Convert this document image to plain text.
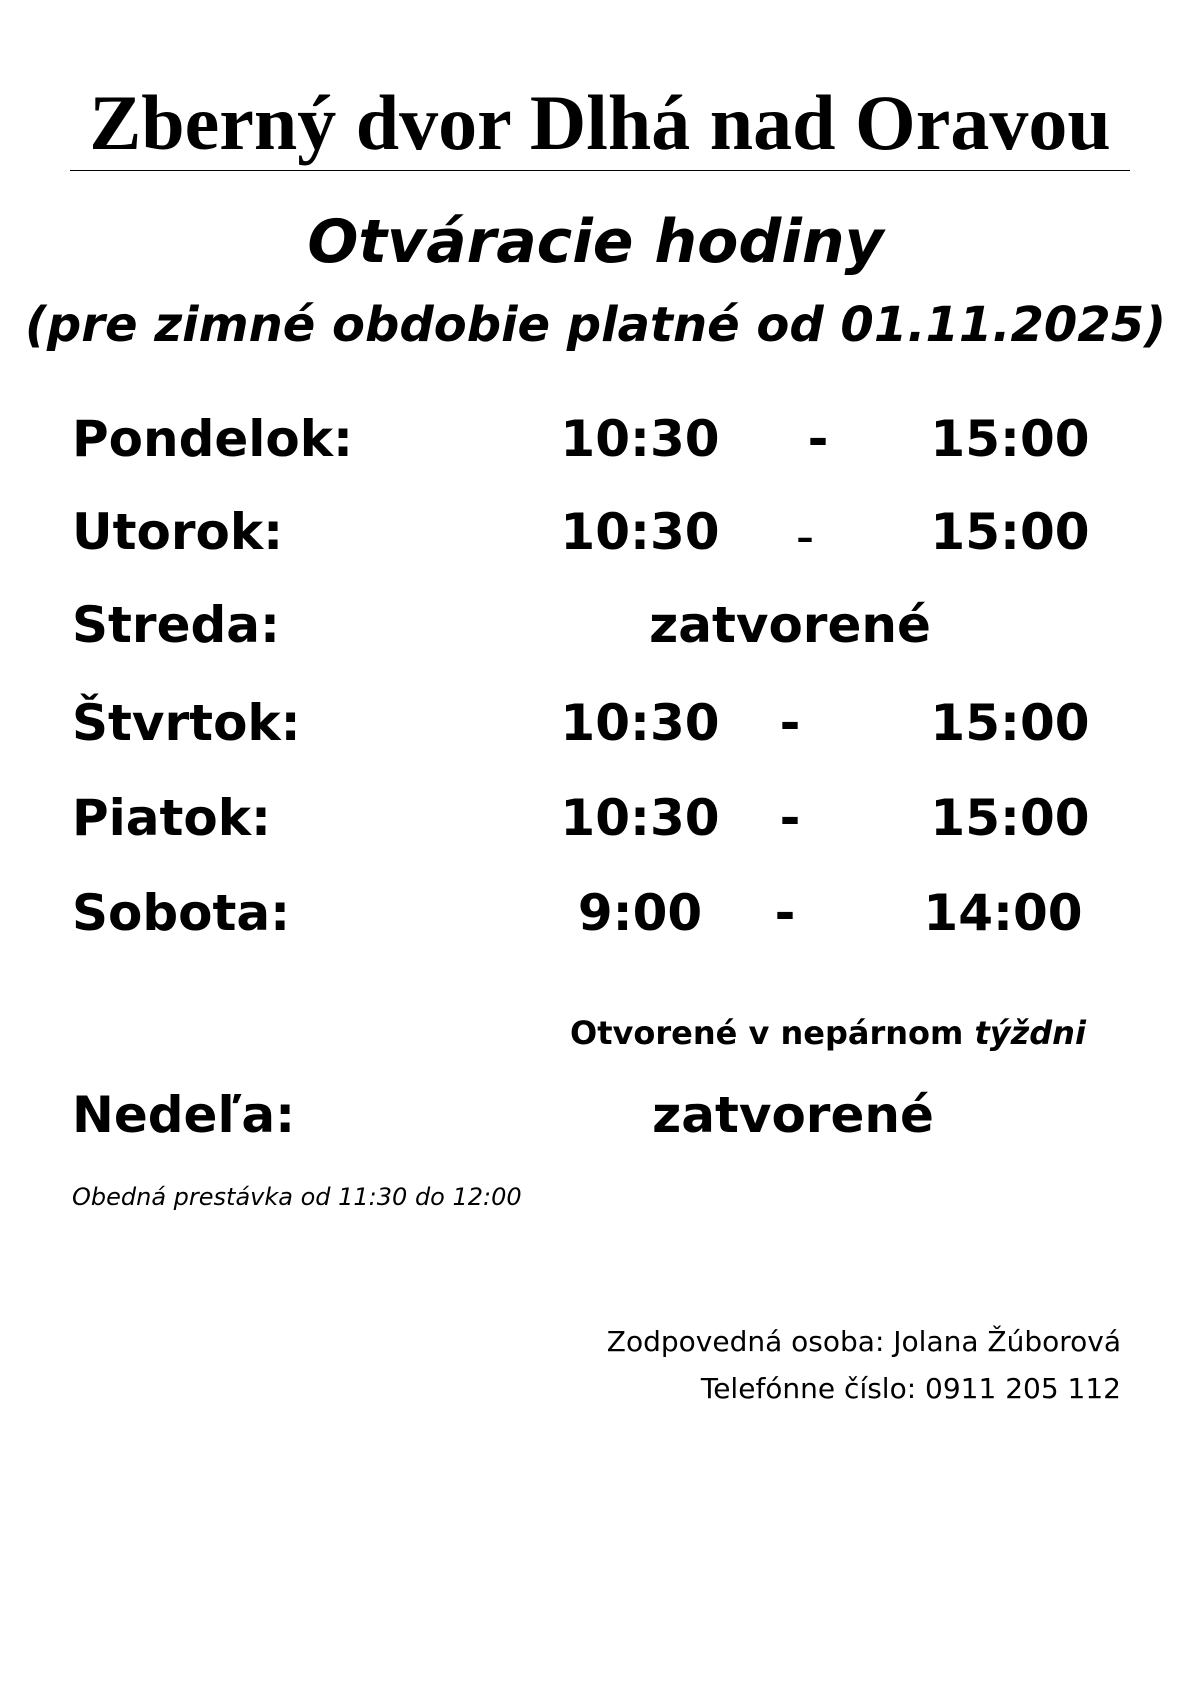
Zberný dvor Dlhá nad Oravou
Otváracie hodiny
(pre zimné obdobie platné od 01.11.2025)
Pondelok:	10:30	-	15:00
Utorok:	10:30	–	15:00
Streda:	zatvorené
Štvrtok:	10:30	-	15:00
Piatok:	10:30	-	15:00
Sobota:	9:00	-	14:00
Otvorené v nepárnom týždni
Nedeľa:	zatvorené
Obedná prestávka od 11:30 do 12:00
Zodpovedná osoba: Jolana Žúborová
Telefónne číslo: 0911 205 112
